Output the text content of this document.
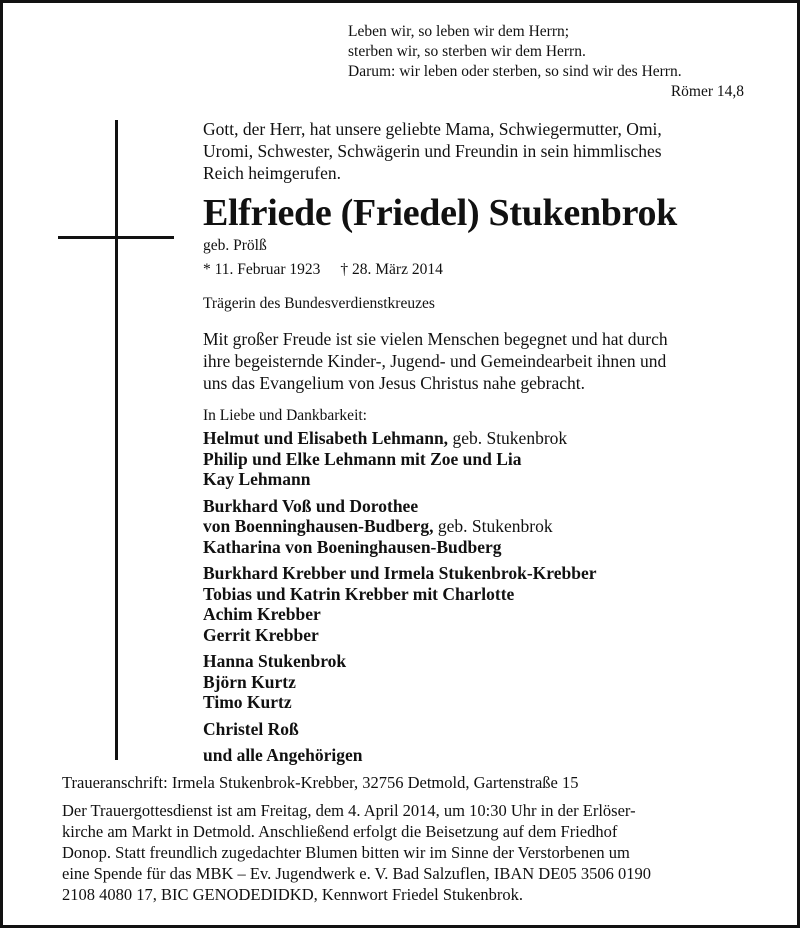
Leben wir, so leben wir dem Herrn;
sterben wir, so sterben wir dem Herrn.
Darum: wir leben oder sterben, so sind wir des Herrn.
Römer 14,8

Gott, der Herr, hat unsere geliebte Mama, Schwiegermutter, Omi,
Uromi, Schwester, Schwägerin und Freundin in sein himmlisches
Reich heimgerufen.

Elfriede (Friedel) Stukenbrok

geb. Prölß

* 11. Februar 1923 † 28. März 2014

Trägerin des Bundesverdienstkreuzes

Mit großer Freude ist sie vielen Menschen begegnet und hat durch
ihre begeisternde Kinder-, Jugend- und Gemeindearbeit ihnen und
uns das Evangelium von Jesus Christus nahe gebracht.

In Liebe und Dankbarkeit:

Helmut und Elisabeth Lehmann, geb. Stukenbrok

Philip und Elke Lehmann mit Zoe und Lia

Kay Lehmann

Burkhard Voß und Dorothee

von Boenninghausen-Budberg, geb. Stukenbrok

Katharina von Boeninghausen-Budberg

Burkhard Krebber und Irmela Stukenbrok-Krebber

Tobias und Katrin Krebber mit Charlotte

Achim Krebber

Gerrit Krebber

Hanna Stukenbrok

Björn Kurtz

Timo Kurtz

Christel Roß

und alle Angehörigen

Traueranschrift: Irmela Stukenbrok-Krebber, 32756 Detmold, Gartenstraße 15

Der Trauergottesdienst ist am Freitag, dem 4. April 2014, um 10:30 Uhr in der Erlöser-
kirche am Markt in Detmold. Anschließend erfolgt die Beisetzung auf dem Friedhof
Donop. Statt freundlich zugedachter Blumen bitten wir im Sinne der Verstorbenen um
eine Spende für das MBK – Ev. Jugendwerk e. V. Bad Salzuflen, IBAN DE05 3506 0190
2108 4080 17, BIC GENODEDIDKD, Kennwort Friedel Stukenbrok.
